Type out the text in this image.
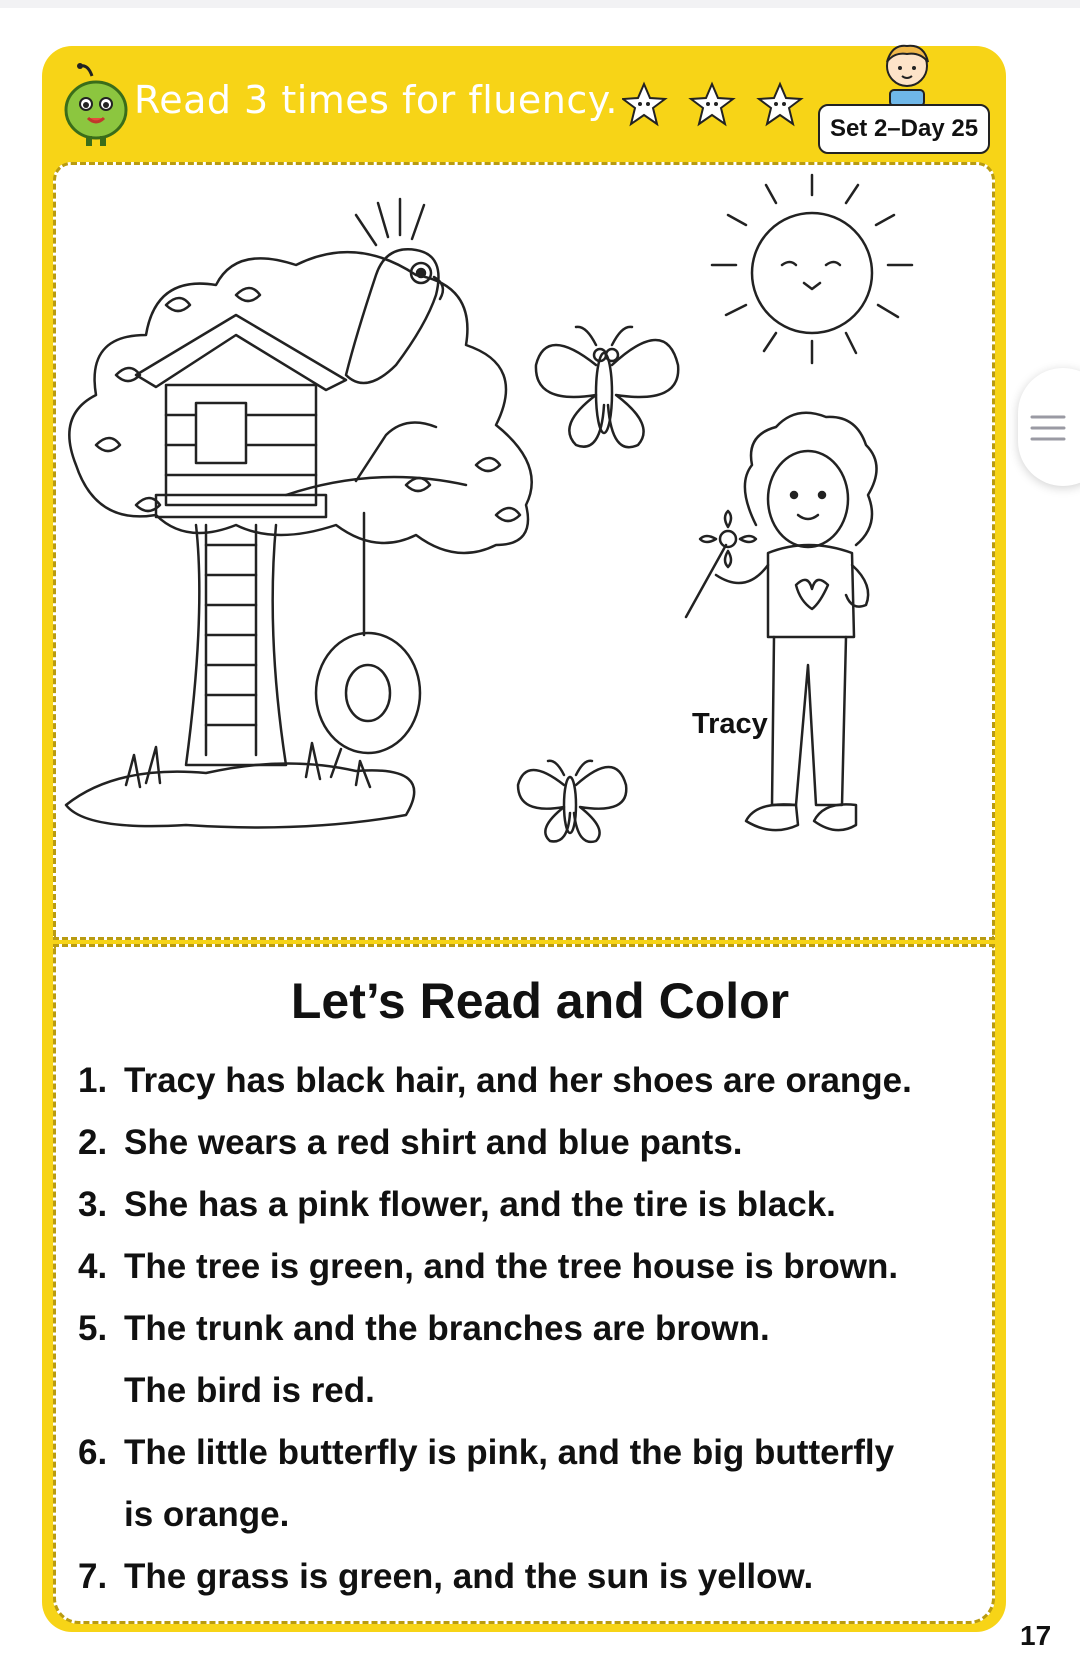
Read 3 times for fluency.
Set 2–Day 25
Tracy
Let’s Read and Color
1. Tracy has black hair, and her shoes are orange.
2. She wears a red shirt and blue pants.
3. She has a pink flower, and the tire is black.
4. The tree is green, and the tree house is brown.
5. The trunk and the branches are brown.
The bird is red.
6. The little butterfly is pink, and the big butterfly
is orange.
7. The grass is green, and the sun is yellow.
17
